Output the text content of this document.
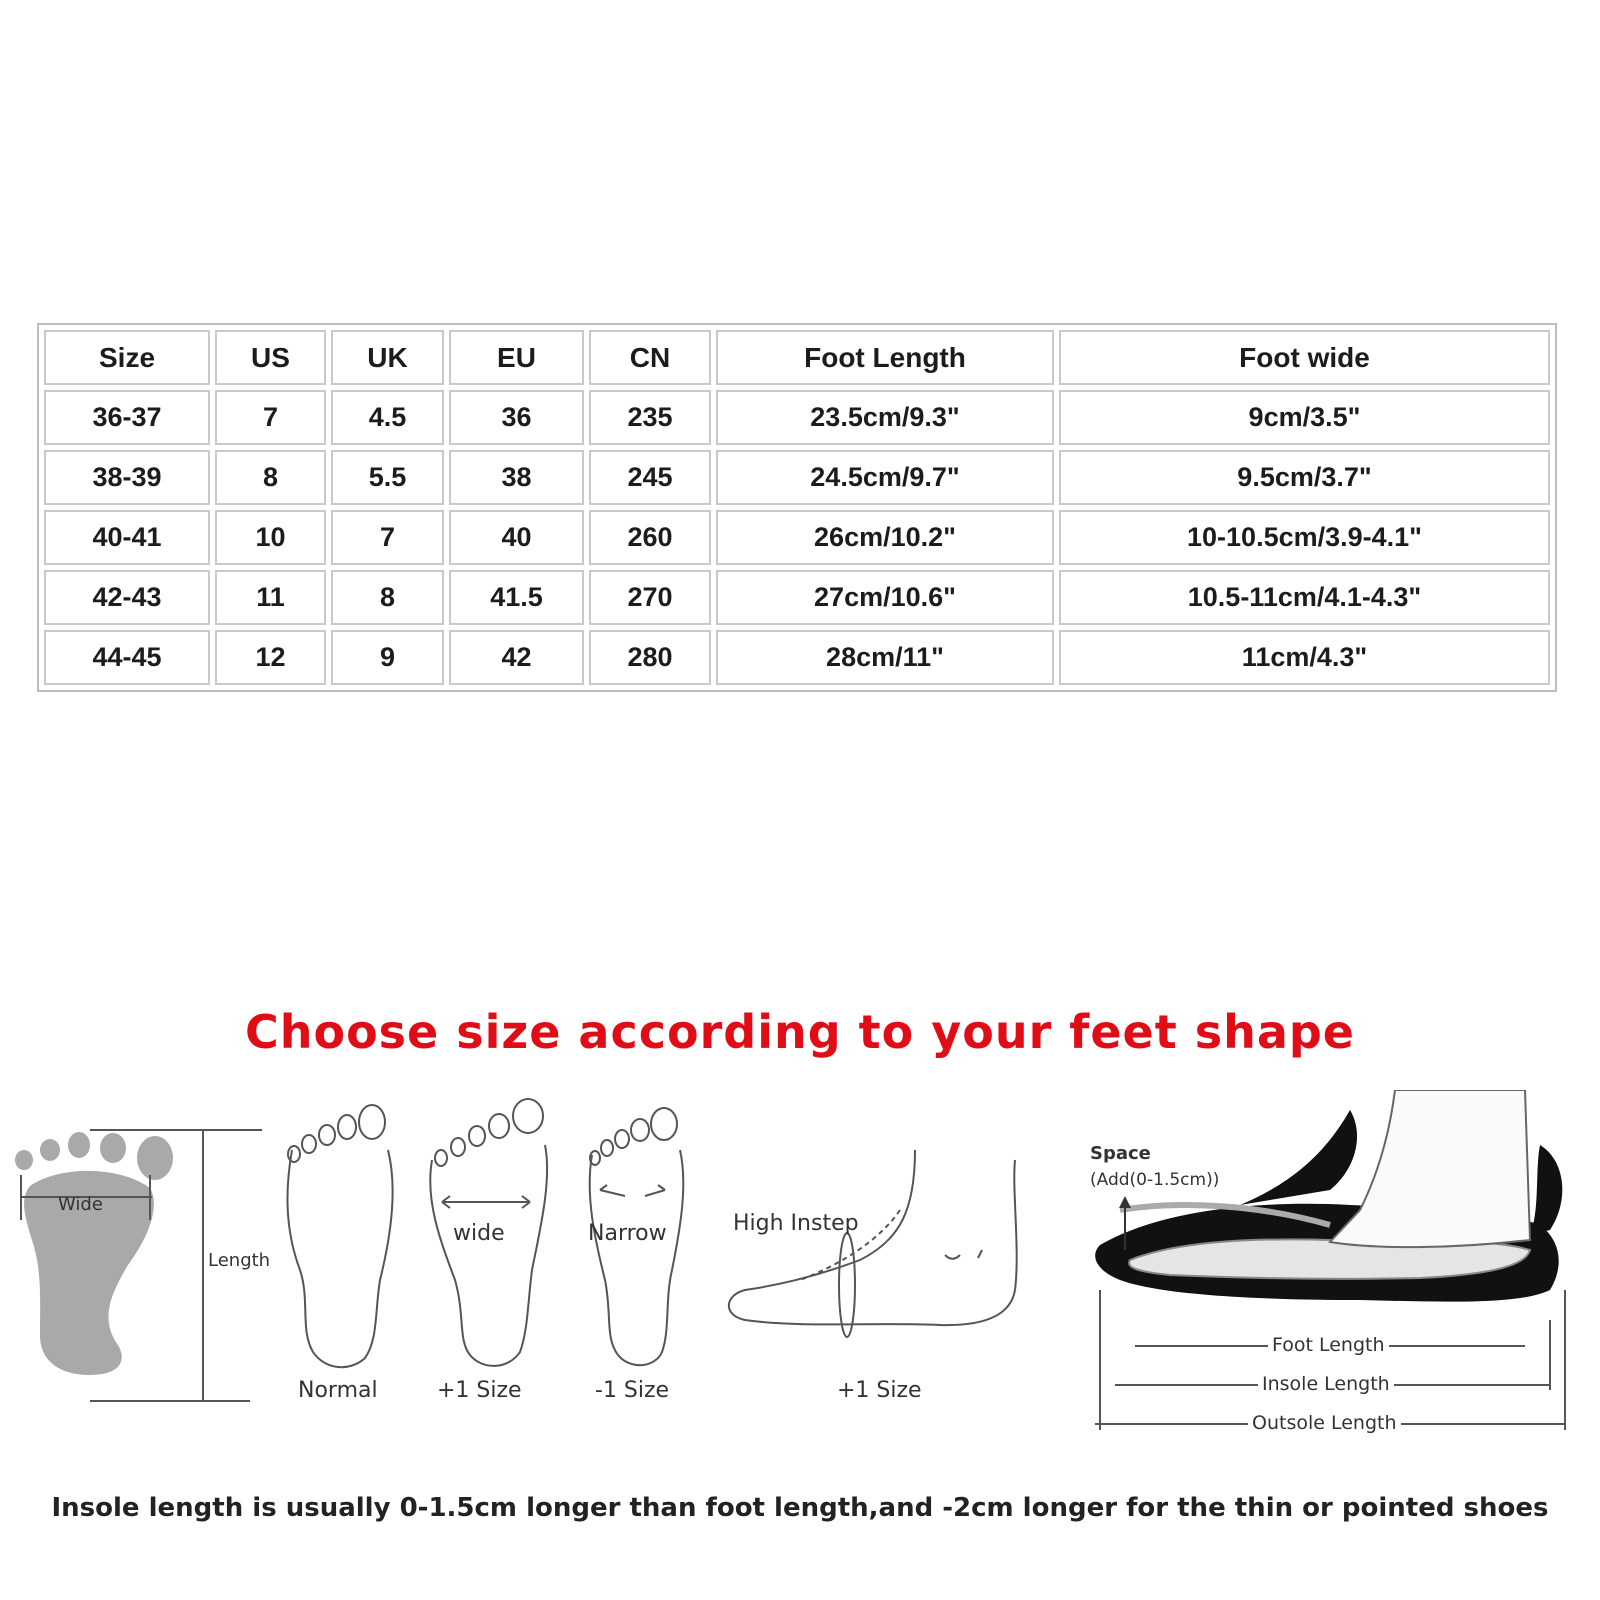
Size	US	UK	EU	CN	Foot Length	Foot wide
36-37	7	4.5	36	235	23.5cm/9.3"	9cm/3.5"
38-39	8	5.5	38	245	24.5cm/9.7"	9.5cm/3.7"
40-41	10	7	40	260	26cm/10.2"	10-10.5cm/3.9-4.1"
42-43	11	8	41.5	270	27cm/10.6"	10.5-11cm/4.1-4.3"
44-45	12	9	42	280	28cm/11"	11cm/4.3"
Choose size according to your feet shape
Wide
Length
Normal
wide
+1 Size
Narrow
-1 Size
High Instep
+1 Size
Space
(Add(0-1.5cm))
Foot Length
Insole Length
Outsole Length

Insole length is usually 0-1.5cm longer than foot length,and -2cm longer for the thin or pointed shoes
